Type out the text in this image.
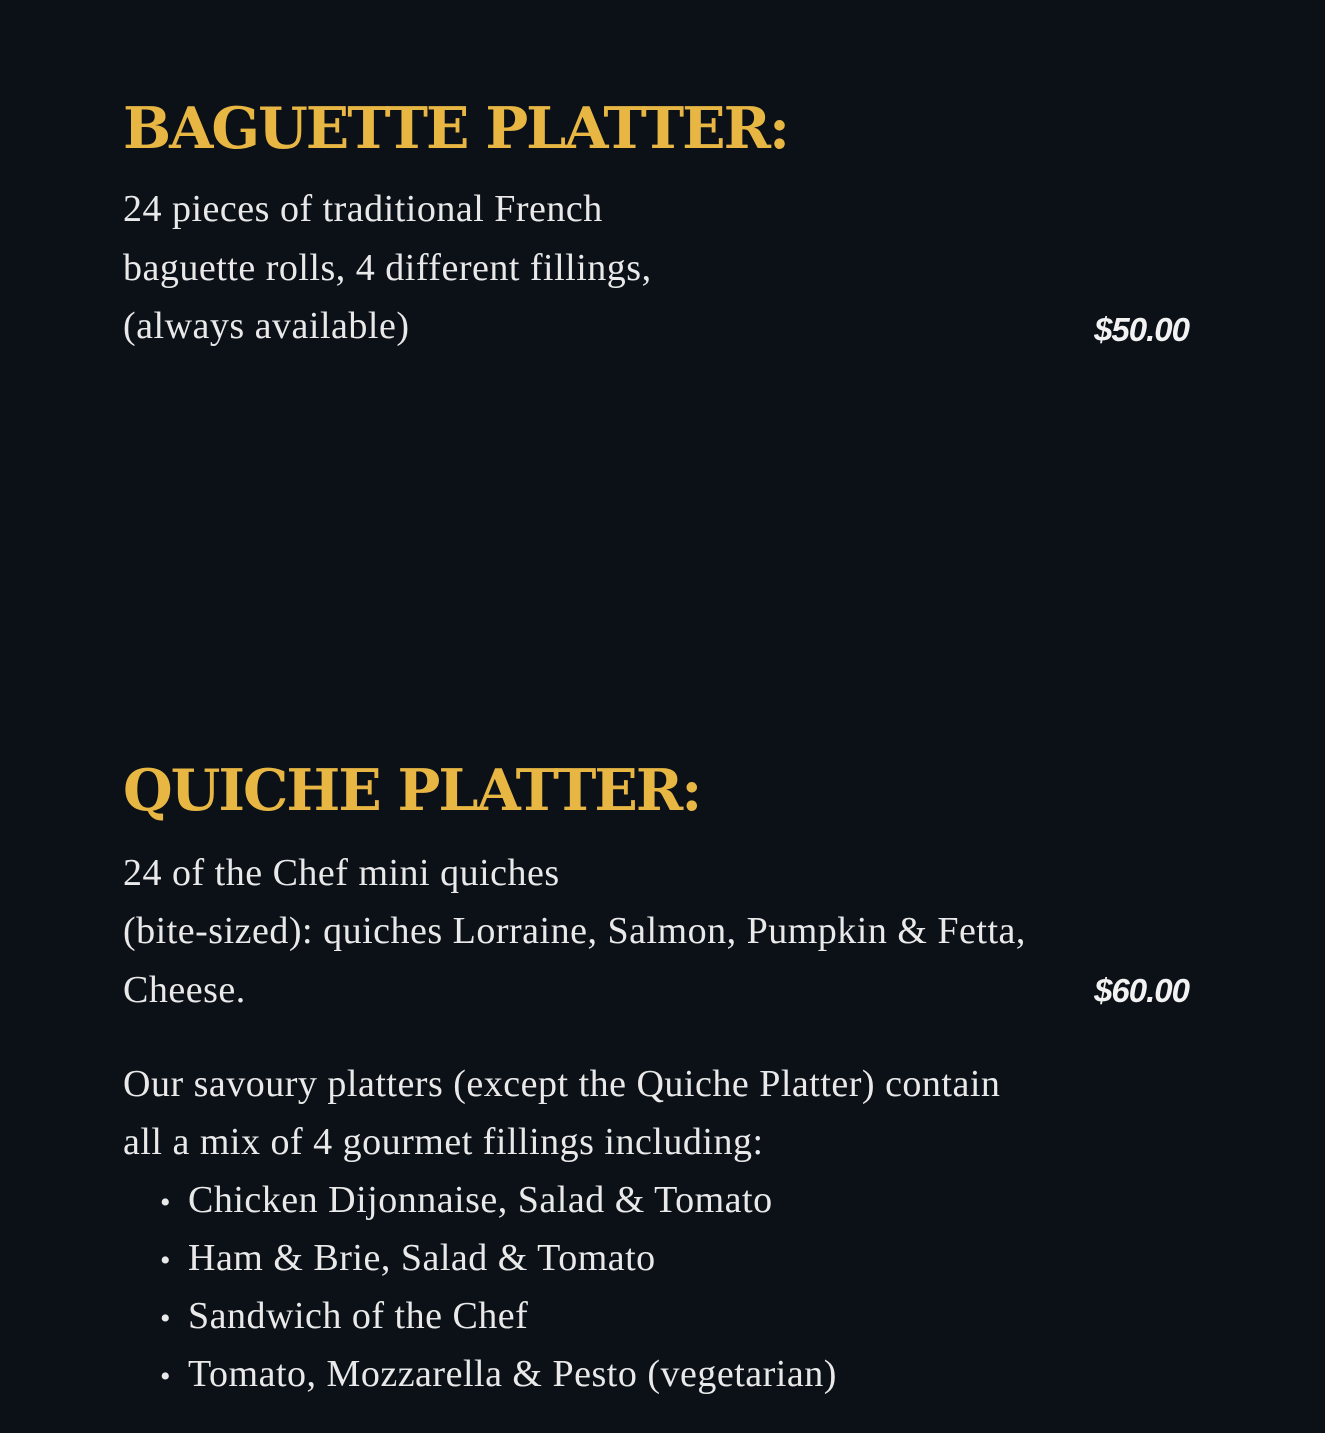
BAGUETTE PLATTER:
24 pieces of traditional French
baguette rolls, 4 different fillings,
(always available)	$50.00
QUICHE PLATTER:
24 of the Chef mini quiches
(bite-sized): quiches Lorraine, Salmon, Pumpkin & Fetta,
Cheese.	$60.00
Our savoury platters (except the Quiche Platter) contain
all a mix of 4 gourmet fillings including:
• Chicken Dijonnaise, Salad & Tomato
• Ham & Brie, Salad & Tomato
• Sandwich of the Chef
• Tomato, Mozzarella & Pesto (vegetarian)
